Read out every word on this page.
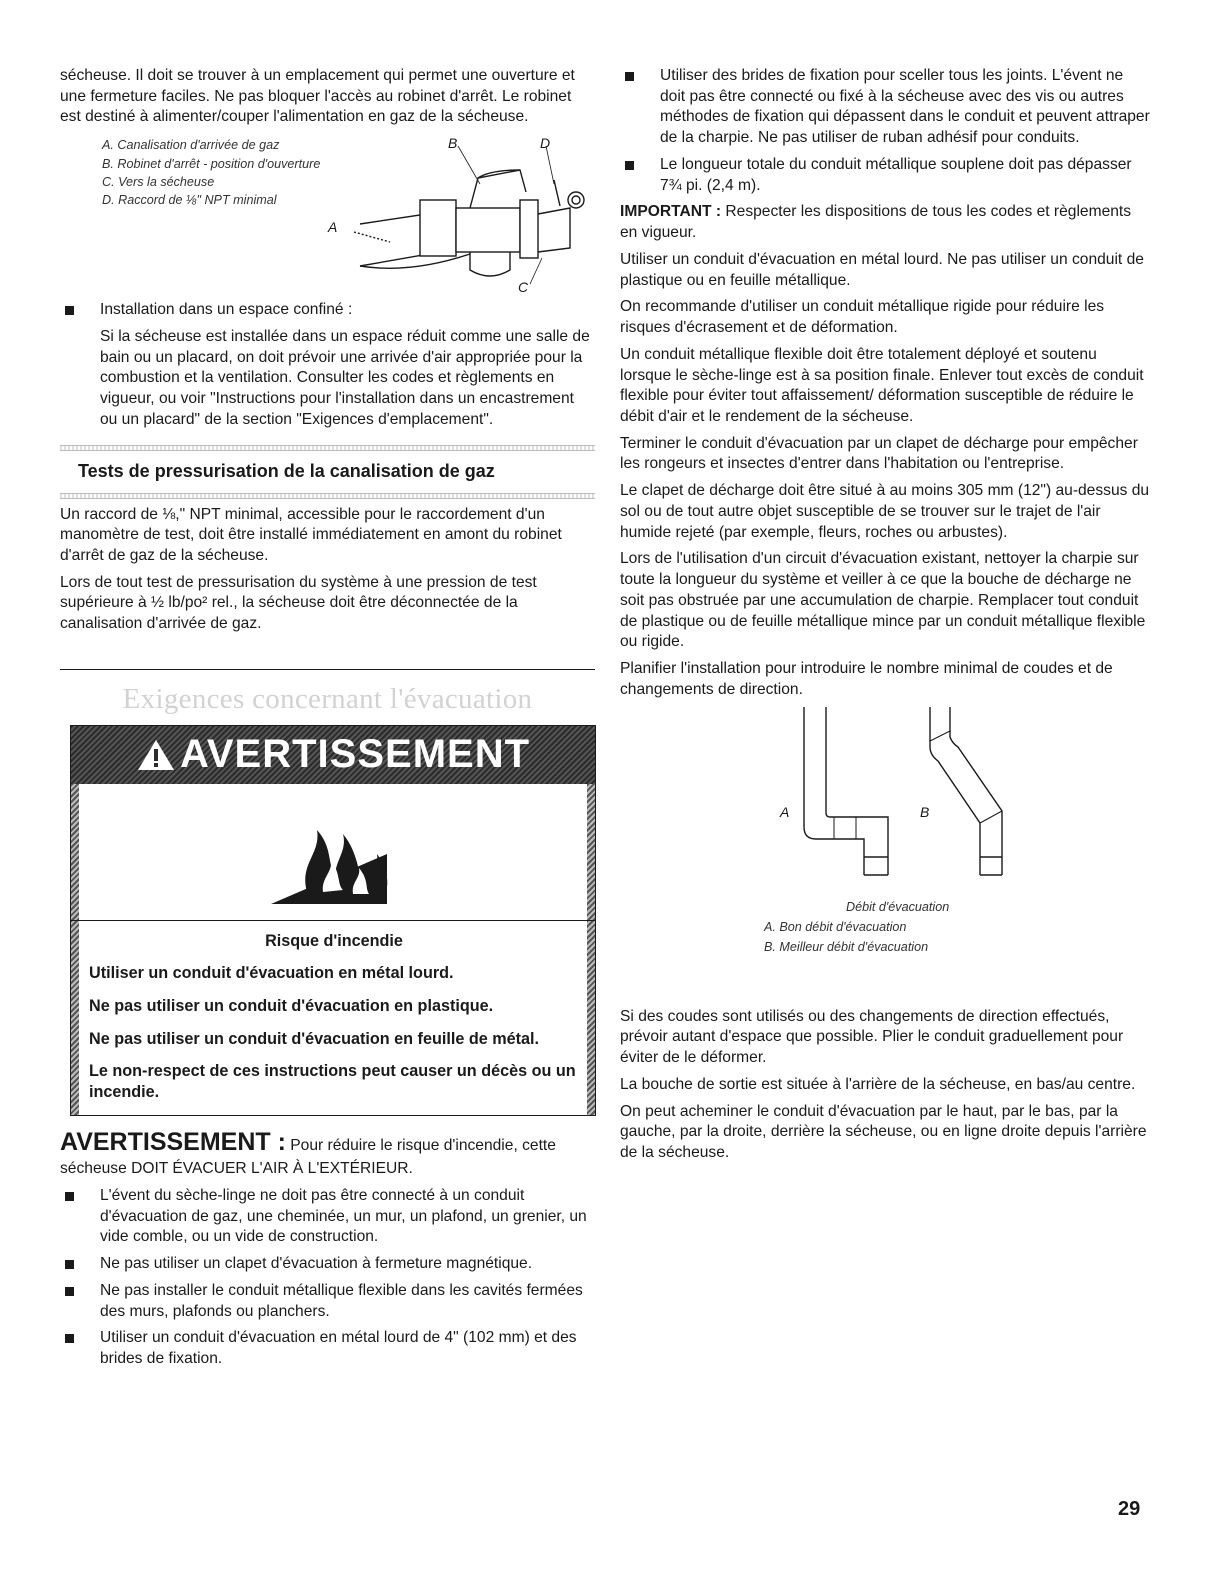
sécheuse. Il doit se trouver à un emplacement qui permet une ouverture et une fermeture faciles. Ne pas bloquer l'accès au robinet d'arrêt. Le robinet est destiné à alimenter/couper l'alimentation en gaz de la sécheuse.

A. Canalisation d'arrivée de gaz
B. Robinet d'arrêt - position d'ouverture
C. Vers la sécheuse
D. Raccord de ⅛" NPT minimal
B	D
A
C
Installation dans un espace confiné :

Si la sécheuse est installée dans un espace réduit comme une salle de bain ou un placard, on doit prévoir une arrivée d'air appropriée pour la combustion et la ventilation. Consulter les codes et règlements en vigueur, ou voir "Instructions pour l'installation dans un encastrement ou un placard" de la section "Exigences d'emplacement".

Tests de pressurisation de la canalisation de gaz

Un raccord de ⅛," NPT minimal, accessible pour le raccordement d'un manomètre de test, doit être installé immédiatement en amont du robinet d'arrêt de gaz de la sécheuse.

Lors de tout test de pressurisation du système à une pression de test supérieure à ½ lb/po² rel., la sécheuse doit être déconnectée de la canalisation d'arrivée de gaz.

Exigences concernant l'évacuation
AVERTISSEMENT

Risque d'incendie

Utiliser un conduit d'évacuation en métal lourd.

Ne pas utiliser un conduit d'évacuation en plastique.

Ne pas utiliser un conduit d'évacuation en feuille de métal.

Le non-respect de ces instructions peut causer un décès ou un incendie.

AVERTISSEMENT : Pour réduire le risque d'incendie, cette sécheuse DOIT ÉVACUER L'AIR À L'EXTÉRIEUR.

L'évent du sèche-linge ne doit pas être connecté à un conduit d'évacuation de gaz, une cheminée, un mur, un plafond, un grenier, un vide comble, ou un vide de construction.
Ne pas utiliser un clapet d'évacuation à fermeture magnétique.
Ne pas installer le conduit métallique flexible dans les cavités fermées des murs, plafonds ou planchers.
Utiliser un conduit d'évacuation en métal lourd de 4" (102 mm) et des brides de fixation.
Utiliser des brides de fixation pour sceller tous les joints. L'évent ne doit pas être connecté ou fixé à la sécheuse avec des vis ou autres méthodes de fixation qui dépassent dans le conduit et peuvent attraper de la charpie. Ne pas utiliser de ruban adhésif pour conduits.
Le longueur totale du conduit métallique souplene doit pas dépasser 7¾ pi. (2,4 m).

IMPORTANT : Respecter les dispositions de tous les codes et règlements en vigueur.

Utiliser un conduit d'évacuation en métal lourd. Ne pas utiliser un conduit de plastique ou en feuille métallique.

On recommande d'utiliser un conduit métallique rigide pour réduire les risques d'écrasement et de déformation.

Un conduit métallique flexible doit être totalement déployé et soutenu lorsque le sèche-linge est à sa position finale. Enlever tout excès de conduit flexible pour éviter tout affaissement/ déformation susceptible de réduire le débit d'air et le rendement de la sécheuse.

Terminer le conduit d'évacuation par un clapet de décharge pour empêcher les rongeurs et insectes d'entrer dans l'habitation ou l'entreprise.

Le clapet de décharge doit être situé à au moins 305 mm (12") au-dessus du sol ou de tout autre objet susceptible de se trouver sur le trajet de l'air humide rejeté (par exemple, fleurs, roches ou arbustes).

Lors de l'utilisation d'un circuit d'évacuation existant, nettoyer la charpie sur toute la longueur du système et veiller à ce que la bouche de décharge ne soit pas obstruée par une accumulation de charpie. Remplacer tout conduit de plastique ou de feuille métallique mince par un conduit métallique flexible ou rigide.

Planifier l'installation pour introduire le nombre minimal de coudes et de changements de direction.

A	B
Débit d'évacuation
A. Bon débit d'évacuation
B. Meilleur débit d'évacuation

Si des coudes sont utilisés ou des changements de direction effectués, prévoir autant d'espace que possible. Plier le conduit graduellement pour éviter de le déformer.

La bouche de sortie est située à l'arrière de la sécheuse, en bas/au centre.

On peut acheminer le conduit d'évacuation par le haut, par le bas, par la gauche, par la droite, derrière la sécheuse, ou en ligne droite depuis l'arrière de la sécheuse.

29
